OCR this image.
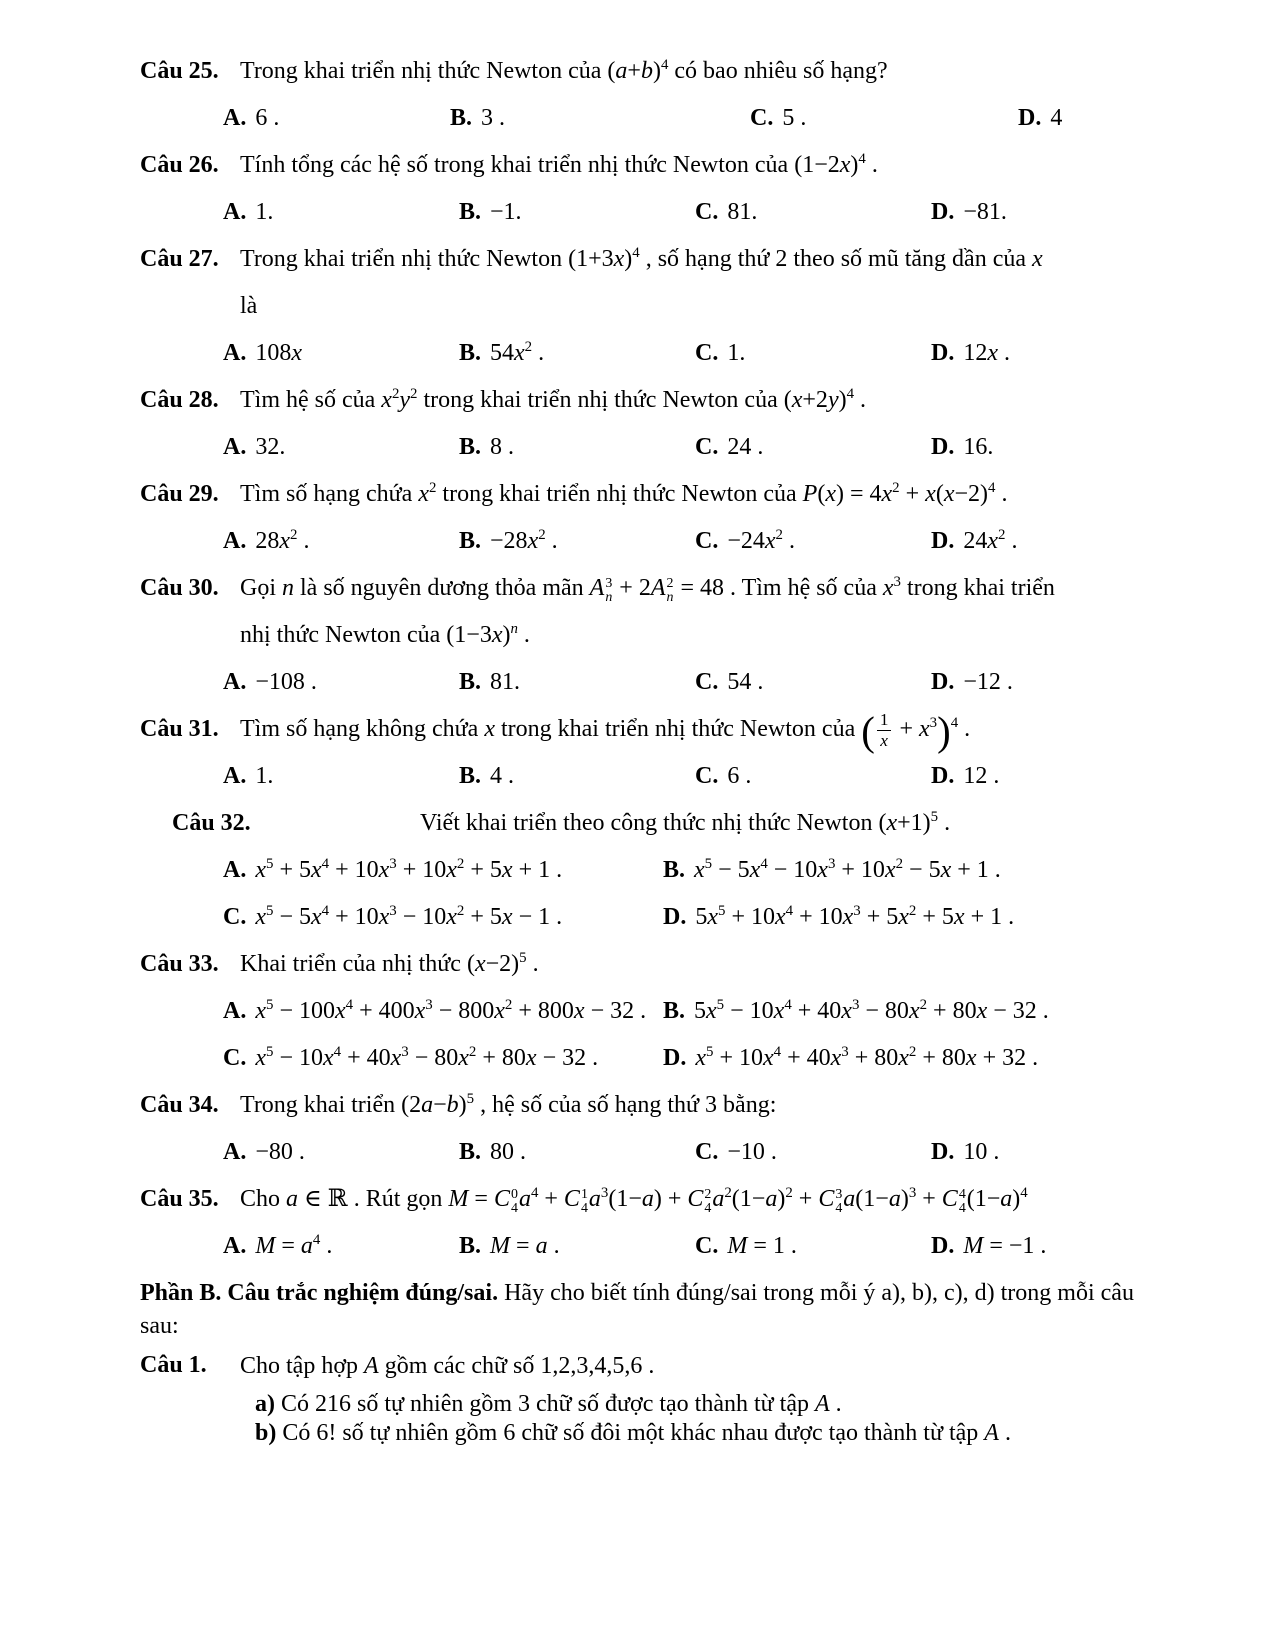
Câu 25. Trong khai triển nhị thức Newton của $(a+b)^4$ có bao nhiêu số hạng?
A. 6 .	B. 3 .	C. 5 .	D. 4
Câu 26. Tính tổng các hệ số trong khai triển nhị thức Newton của $(1-2x)^4$ .
A. 1.	B. −1.	C. 81.	D. −81.
Câu 27. Trong khai triển nhị thức Newton $(1+3x)^4$ , số hạng thứ 2 theo số mũ tăng dần của x
là
A. 108x	B. $54x^2$ .	C. 1.	D. 12x .
Câu 28. Tìm hệ số của $x^2y^2$ trong khai triển nhị thức Newton của $(x+2y)^4$ .
A. 32.	B. 8 .	C. 24 .	D. 16.
Câu 29. Tìm số hạng chứa $x^2$ trong khai triển nhị thức Newton của $P(x) = 4x^2 + x(x-2)^4$ .
A. $28x^2$ .	B. $-28x^2$ .	C. $-24x^2$ .	D. $24x^2$ .
Câu 30. Gọi n là số nguyên dương thỏa mãn A 3
n + 2A 2
n = 48 . Tìm hệ số của $x^3$ trong khai triển
nhị thức Newton của $(1-3x)^n$ .
A. −108 .	B. 81.	C. 54 .	D. −12 .
Câu 31. Tìm số hạng không chứa x trong khai triển nhị thức Newton của ( $\frac{1}{x} + x^3)^4$ .
A. 1.	B. 4 .	C. 6 .	D. 12 .
Câu 32.	Viết khai triển theo công thức nhị thức Newton $(x+1)^5$ .
A. $x^5 + 5x^4 + 10x^3 + 10x^2 + 5x + 1$ .	B. $x^5 - 5x^4 - 10x^3 + 10x^2 - 5x + 1$ .
C. $x^5 - 5x^4 + 10x^3 - 10x^2 + 5x - 1$ .	D. $5x^5 + 10x^4 + 10x^3 + 5x^2 + 5x + 1$ .
Câu 33. Khai triển của nhị thức $(x-2)^5$ .
A. $x^5 - 100x^4 + 400x^3 - 800x^2 + 800x - 32$ . B. $5x^5 - 10x^4 + 40x^3 - 80x^2 + 80x - 32$ .
C. $x^5 - 10x^4 + 40x^3 - 80x^2 + 80x - 32$ .	D. $x^5 + 10x^4 + 40x^3 + 80x^2 + 80x + 32$ .
Câu 34. Trong khai triển $(2a-b)^5$ , hệ số của số hạng thứ 3 bằng:
A. −80 .	B. 80 .	C. −10 .	D. 10 .
Câu 35. Cho a ∈ ℝ . Rút gọn M = C 0
4 $a^4 + C$ 1
4 $a^3(1-a) + C$ 2
4 $a^2(1-a)^2 + C$ 3
4 $a(1-a)^3 + C$ 4
4 $(1-a)^4$
A. $M = a^4$ .	B. M = a .	C. M = 1 .	D. M = −1 .

Phần B. Câu trắc nghiệm đúng/sai. Hãy cho biết tính đúng/sai trong mỗi ý a), b), c), d) trong mỗi câu sau:

Câu 1.	Cho tập hợp A gồm các chữ số 1,2,3,4,5,6 .
a) Có 216 số tự nhiên gồm 3 chữ số được tạo thành từ tập A .
b) Có 6! số tự nhiên gồm 6 chữ số đôi một khác nhau được tạo thành từ tập A .
